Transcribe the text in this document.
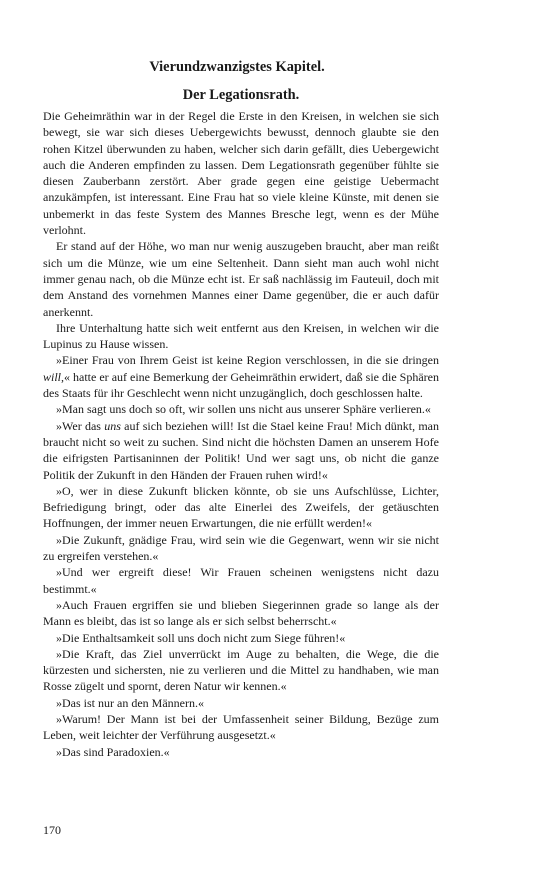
Vierundzwanzigstes Kapitel.
Der Legationsrath.

Die Geheimräthin war in der Regel die Erste in den Kreisen, in welchen sie sich bewegt, sie war sich dieses Uebergewichts bewusst, dennoch glaubte sie den rohen Kitzel überwunden zu haben, welcher sich darin gefällt, dies Uebergewicht auch die Anderen empfinden zu lassen. Dem Legationsrath gegenüber fühlte sie diesen Zauberbann zerstört. Aber grade gegen eine geistige Uebermacht anzukämpfen, ist interessant. Eine Frau hat so viele kleine Künste, mit denen sie unbemerkt in das feste System des Mannes Bresche legt, wenn es der Mühe verlohnt.

Er stand auf der Höhe, wo man nur wenig auszugeben braucht, aber man reißt sich um die Münze, wie um eine Seltenheit. Dann sieht man auch wohl nicht immer genau nach, ob die Münze echt ist. Er saß nachlässig im Fauteuil, doch mit dem Anstand des vornehmen Mannes einer Dame gegenüber, die er auch dafür anerkennt.

Ihre Unterhaltung hatte sich weit entfernt aus den Kreisen, in welchen wir die Lupinus zu Hause wissen.

»Einer Frau von Ihrem Geist ist keine Region verschlossen, in die sie dringen will,« hatte er auf eine Bemerkung der Geheimräthin erwidert, daß sie die Sphären des Staats für ihr Geschlecht wenn nicht unzugänglich, doch geschlossen halte.

»Man sagt uns doch so oft, wir sollen uns nicht aus unserer Sphäre verlieren.«

»Wer das uns auf sich beziehen will! Ist die Stael keine Frau! Mich dünkt, man braucht nicht so weit zu suchen. Sind nicht die höchsten Damen an unserem Hofe die eifrigsten Partisaninnen der Politik! Und wer sagt uns, ob nicht die ganze Politik der Zukunft in den Händen der Frauen ruhen wird!«

»O, wer in diese Zukunft blicken könnte, ob sie uns Aufschlüsse, Lichter, Befriedigung bringt, oder das alte Einerlei des Zweifels, der getäuschten Hoffnungen, der immer neuen Erwartungen, die nie erfüllt werden!«

»Die Zukunft, gnädige Frau, wird sein wie die Gegenwart, wenn wir sie nicht zu ergreifen verstehen.«

»Und wer ergreift diese! Wir Frauen scheinen wenigstens nicht dazu bestimmt.«

»Auch Frauen ergriffen sie und blieben Siegerinnen grade so lange als der Mann es bleibt, das ist so lange als er sich selbst beherrscht.«

»Die Enthaltsamkeit soll uns doch nicht zum Siege führen!«

»Die Kraft, das Ziel unverrückt im Auge zu behalten, die Wege, die die kürzesten und sichersten, nie zu verlieren und die Mittel zu handhaben, wie man Rosse zügelt und spornt, deren Natur wir kennen.«

»Das ist nur an den Männern.«

»Warum! Der Mann ist bei der Umfassenheit seiner Bildung, Bezüge zum Leben, weit leichter der Verführung ausgesetzt.«

»Das sind Paradoxien.«

170
